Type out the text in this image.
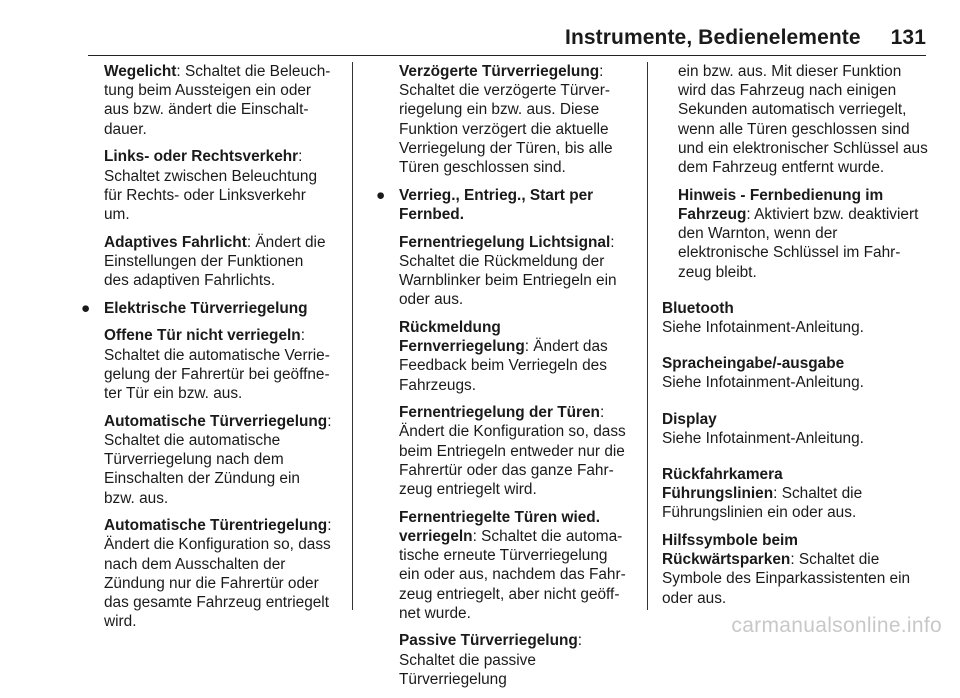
Instrumente, Bedienelemente 131

Wegelicht: Schaltet die Beleuchtung beim Aussteigen ein oder aus bzw. ändert die Einschaltdauer.

Links- oder Rechtsverkehr: Schaltet zwischen Beleuchtung für Rechts- oder Linksverkehr um.

Adaptives Fahrlicht: Ändert die Einstellungen der Funktionen des adaptiven Fahrlichts.

● Elektrische Türverriegelung

Offene Tür nicht verriegeln: Schaltet die automatische Verriegelung der Fahrertür bei geöffneter Tür ein bzw. aus.

Automatische Türverriegelung: Schaltet die automatische Türverriegelung nach dem Einschalten der Zündung ein bzw. aus.

Automatische Türentriegelung: Ändert die Konfiguration so, dass nach dem Ausschalten der Zündung nur die Fahrertür oder das gesamte Fahrzeug entriegelt wird.

Verzögerte Türverriegelung: Schaltet die verzögerte Türverriegelung ein bzw. aus. Diese Funktion verzögert die aktuelle Verriegelung der Türen, bis alle Türen geschlossen sind.

● Verrieg., Entrieg., Start per Fernbed.

Fernentriegelung Lichtsignal: Schaltet die Rückmeldung der Warnblinker beim Entriegeln ein oder aus.

Rückmeldung Fernverriegelung: Ändert das Feedback beim Verriegeln des Fahrzeugs.

Fernentriegelung der Türen: Ändert die Konfiguration so, dass beim Entriegeln entweder nur die Fahrertür oder das ganze Fahrzeug entriegelt wird.

Fernentriegelte Türen wied. verriegeln: Schaltet die automatische erneute Türverriegelung ein oder aus, nachdem das Fahrzeug entriegelt, aber nicht geöffnet wurde.

Passive Türverriegelung: Schaltet die passive Türverriegelung

ein bzw. aus. Mit dieser Funktion wird das Fahrzeug nach einigen Sekunden automatisch verriegelt, wenn alle Türen geschlossen sind und ein elektronischer Schlüssel aus dem Fahrzeug entfernt wurde.

Hinweis - Fernbedienung im Fahrzeug: Aktiviert bzw. deaktiviert den Warnton, wenn der elektronische Schlüssel im Fahrzeug bleibt.

Bluetooth
Siehe Infotainment-Anleitung.
Spracheingabe/-ausgabe
Siehe Infotainment-Anleitung.
Display
Siehe Infotainment-Anleitung.
Rückfahrkamera

Führungslinien: Schaltet die Führungslinien ein oder aus.

Hilfssymbole beim Rückwärtsparken: Schaltet die Symbole des Einparkassistenten ein oder aus.

carmanualsonline.info
